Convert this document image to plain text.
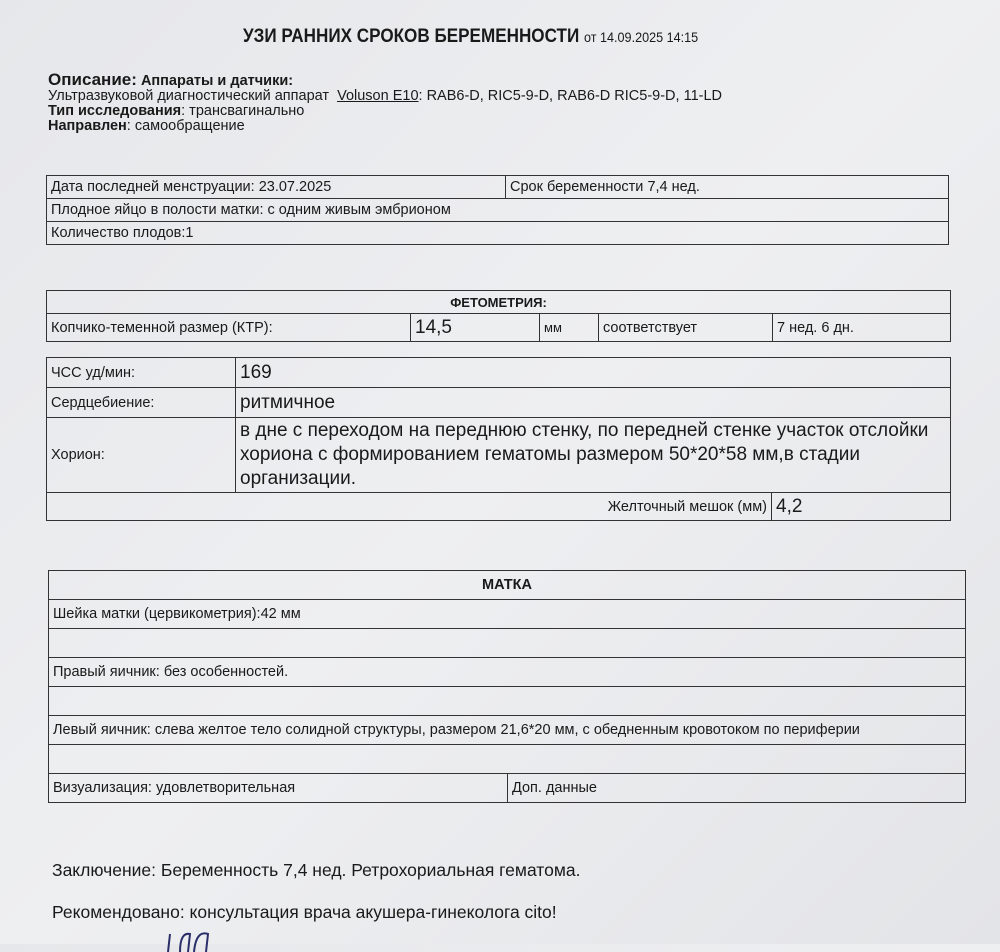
УЗИ РАННИХ СРОКОВ БЕРЕМЕННОСТИ от 14.09.2025 14:15
Описание: Аппараты и датчики:
Ультразвуковой диагностический аппарат Voluson E10: RAB6-D, RIC5-9-D, RAB6-D RIC5-9-D, 11-LD
Тип исследования: трансвагинально
Направлен: самообращение
Дата последней менструации: 23.07.2025	Срок беременности 7,4 нед.
Плодное яйцо в полости матки: с одним живым эмбрионом
Количество плодов:1
ФЕТОМЕТРИЯ:
Копчико-теменной размер (КТР):	14,5	мм	соответствует	7 нед. 6 дн.
ЧСС уд/мин:	169	
Сердцебиение:	ритмичное	
Хорион:	в дне с переходом на переднюю стенку, по передней стенке участок отслойки хориона с формированием гематомы размером 50*20*58 мм,в стадии организации.	
Желточный мешок (мм)		4,2
МАТКА
Шейка матки (цервикометрия):42 мм

Правый яичник: без особенностей.

Левый яичник: слева желтое тело солидной структуры, размером 21,6*20 мм, с обедненным кровотоком по периферии

Визуализация: удовлетворительная	Доп. данные
Заключение: Беременность 7,4 нед. Ретрохориальная гематома.
Рекомендовано: консультация врача акушера-гинеколога cito!
